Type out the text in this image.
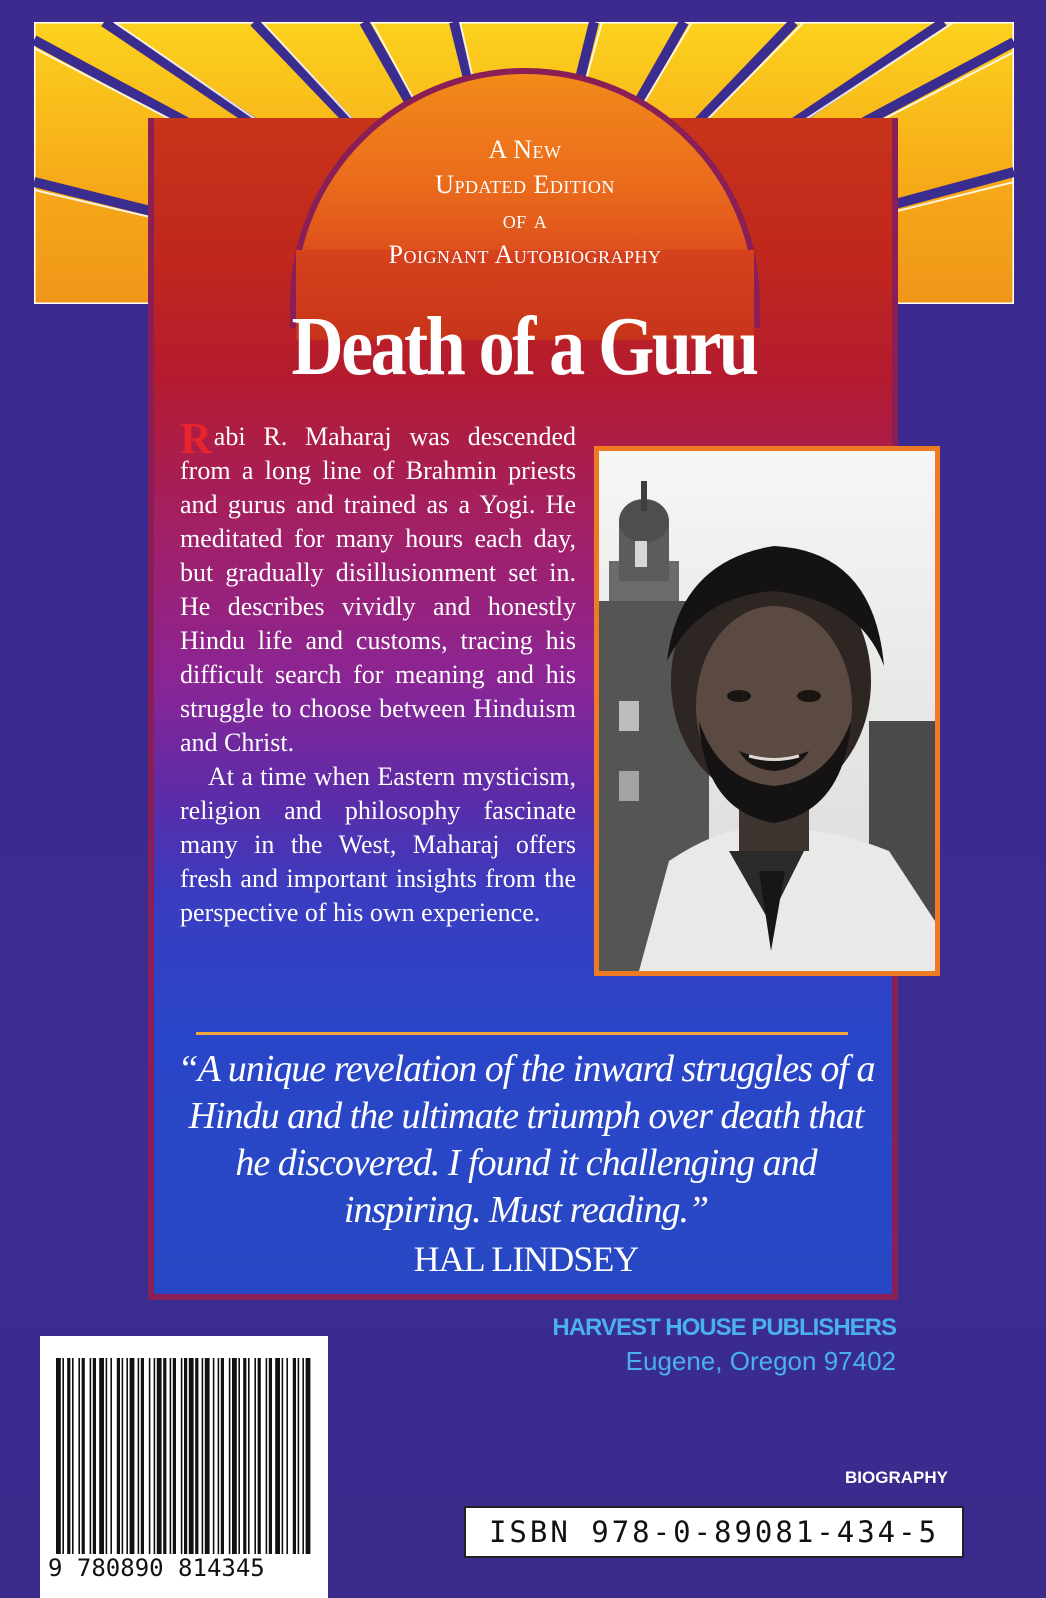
A New
Updated Edition
of a
Poignant Autobiography
Death of a Guru

Rabi R. Maharaj was descended from a long line of Brahmin priests and gurus and trained as a Yogi. He meditated for many hours each day, but gradually disillusionment set in. He describes vividly and honestly Hindu life and customs, tracing his difficult search for meaning and his struggle to choose between Hinduism and Christ.

At a time when Eastern mysticism, religion and philosophy fascinate many in the West, Maharaj offers fresh and important insights from the perspective of his own experience.

“A unique revelation of the inward struggles of a Hindu and the ultimate triumph over death that he discovered. I found it challenging and inspiring. Must reading.”
HAL LINDSEY
HARVEST HOUSE PUBLISHERS
Eugene, Oregon 97402
BIOGRAPHY
ISBN 978-0-89081-434-5
9 780890 814345
